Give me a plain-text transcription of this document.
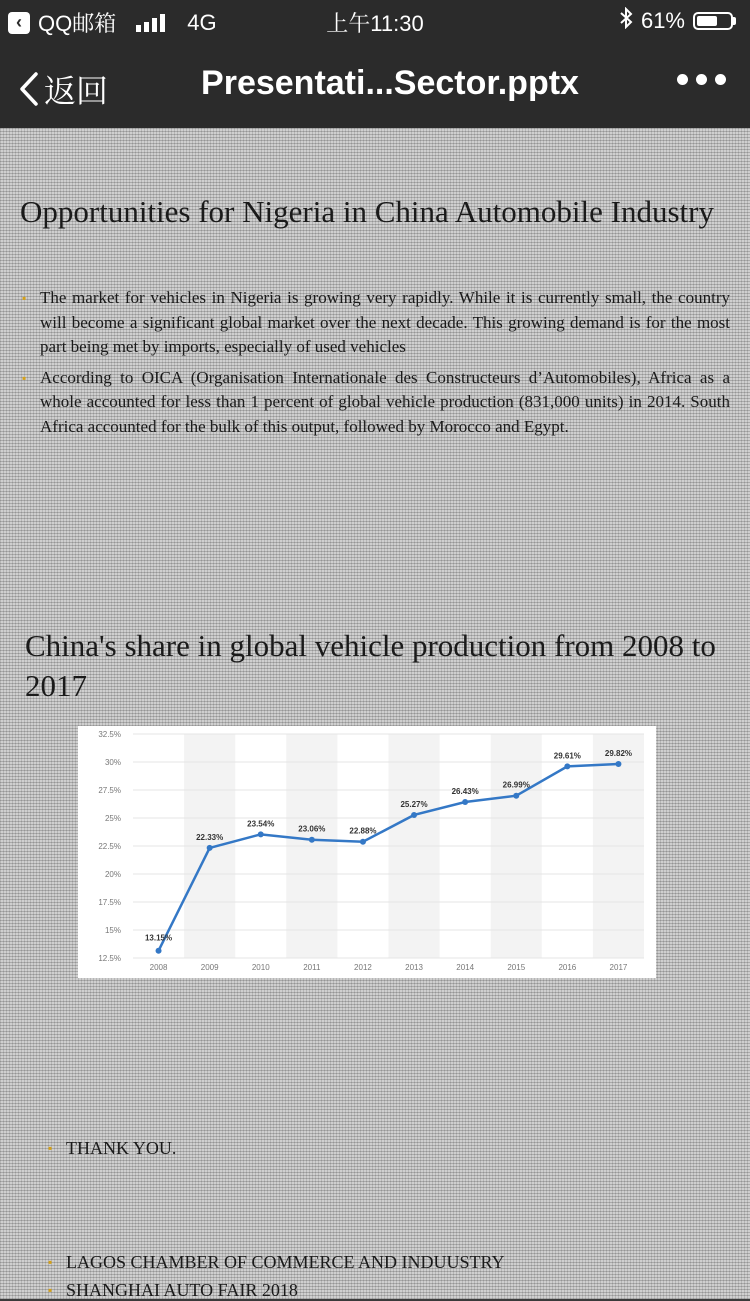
‹ QQ邮箱	4G	上午11:30	61%
返回	Presentati...Sector.pptx
Opportunities for Nigeria in China Automobile Industry
▪ The market for vehicles in Nigeria is growing very rapidly. While it is currently small, the country will become a significant global market over the next decade. This growing demand is for the most part being met by imports, especially of used vehicles
▪ According to OICA (Organisation Internationale des Constructeurs d’Automobiles), Africa as a whole accounted for less than 1 percent of global vehicle production (831,000 units) in 2014. South Africa accounted for the bulk of this output, followed by Morocco and Egypt.
China's share in global vehicle production from 2008 to 2017
12.5%
15%
17.5%
20%
22.5%
25%
27.5%
30%
32.5%
2008	2009	2010	2011	2012	2013	2014	2015	2016	2017
13.15%
22.33%
23.54%
23.06%	22.88%
25.27%
26.43%
26.99%
29.61%	29.82%
▪ THANK YOU.
▪ LAGOS CHAMBER OF COMMERCE AND INDUUSTRY
▪ SHANGHAI AUTO FAIR 2018
